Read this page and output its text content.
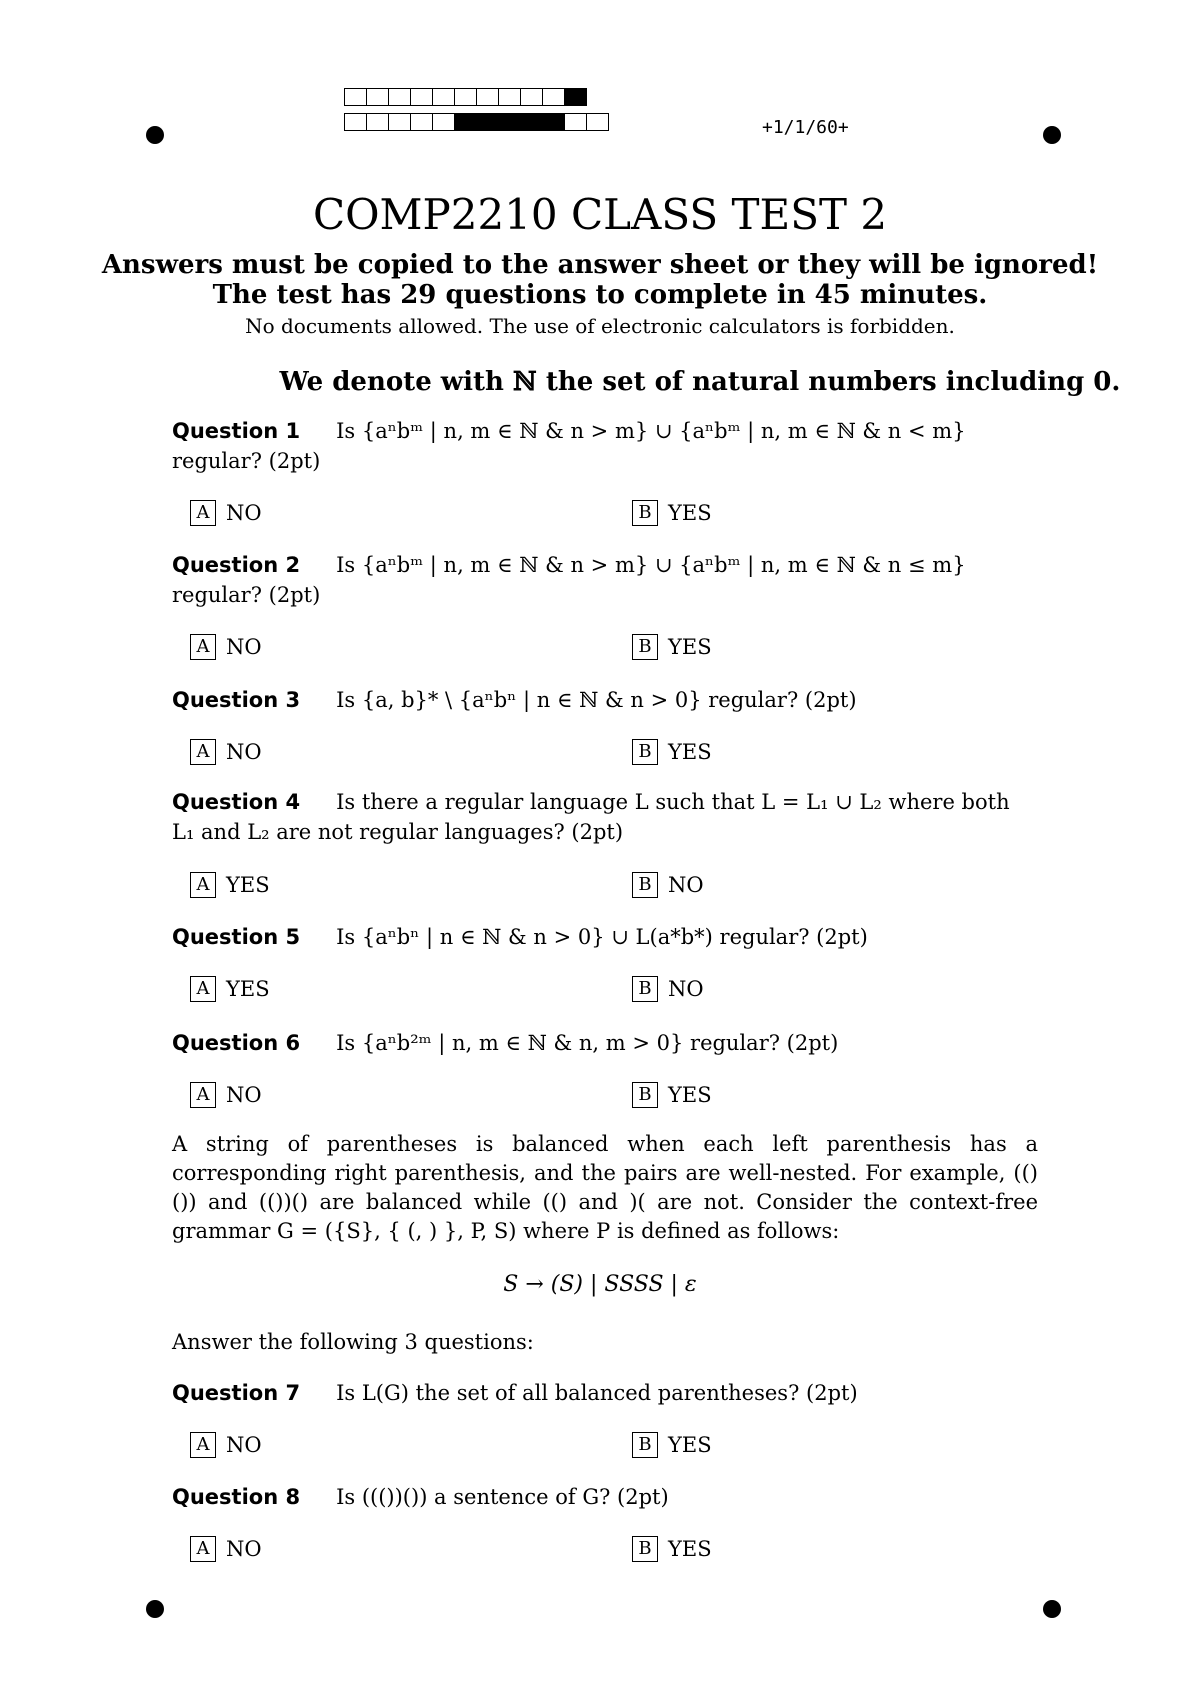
+1/1/60+
COMP2210 CLASS TEST 2
Answers must be copied to the answer sheet or they will be ignored!
The test has 29 questions to complete in 45 minutes.
No documents allowed. The use of electronic calculators is forbidden.
We denote with ℕ the set of natural numbers including 0.
Question 1 Is {aⁿbᵐ | n, m ∈ ℕ & n > m} ∪ {aⁿbᵐ | n, m ∈ ℕ & n < m} regular? (2pt)
A NO	B YES
Question 2 Is {aⁿbᵐ | n, m ∈ ℕ & n > m} ∪ {aⁿbᵐ | n, m ∈ ℕ & n ≤ m} regular? (2pt)
A NO	B YES
Question 3 Is {a, b}* \ {aⁿbⁿ | n ∈ ℕ & n > 0} regular? (2pt)
A NO	B YES
Question 4 Is there a regular language L such that L = L₁ ∪ L₂ where both L₁ and L₂ are not regular languages? (2pt)
A YES	B NO
Question 5 Is {aⁿbⁿ | n ∈ ℕ & n > 0} ∪ L(a*b*) regular? (2pt)
A YES	B NO
Question 6 Is {aⁿb²ᵐ | n, m ∈ ℕ & n, m > 0} regular? (2pt)
A NO	B YES
A string of parentheses is balanced when each left parenthesis has a corresponding right parenthesis, and the pairs are well-nested. For example, (()()) and (())() are balanced while (() and )( are not. Consider the context-free grammar G = ({S}, { (, ) }, P, S) where P is defined as follows:
S → (S) | SSSS | ε
Answer the following 3 questions:
Question 7 Is L(G) the set of all balanced parentheses? (2pt)
A NO	B YES
Question 8 Is ((())()) a sentence of G? (2pt)
A NO	B YES
